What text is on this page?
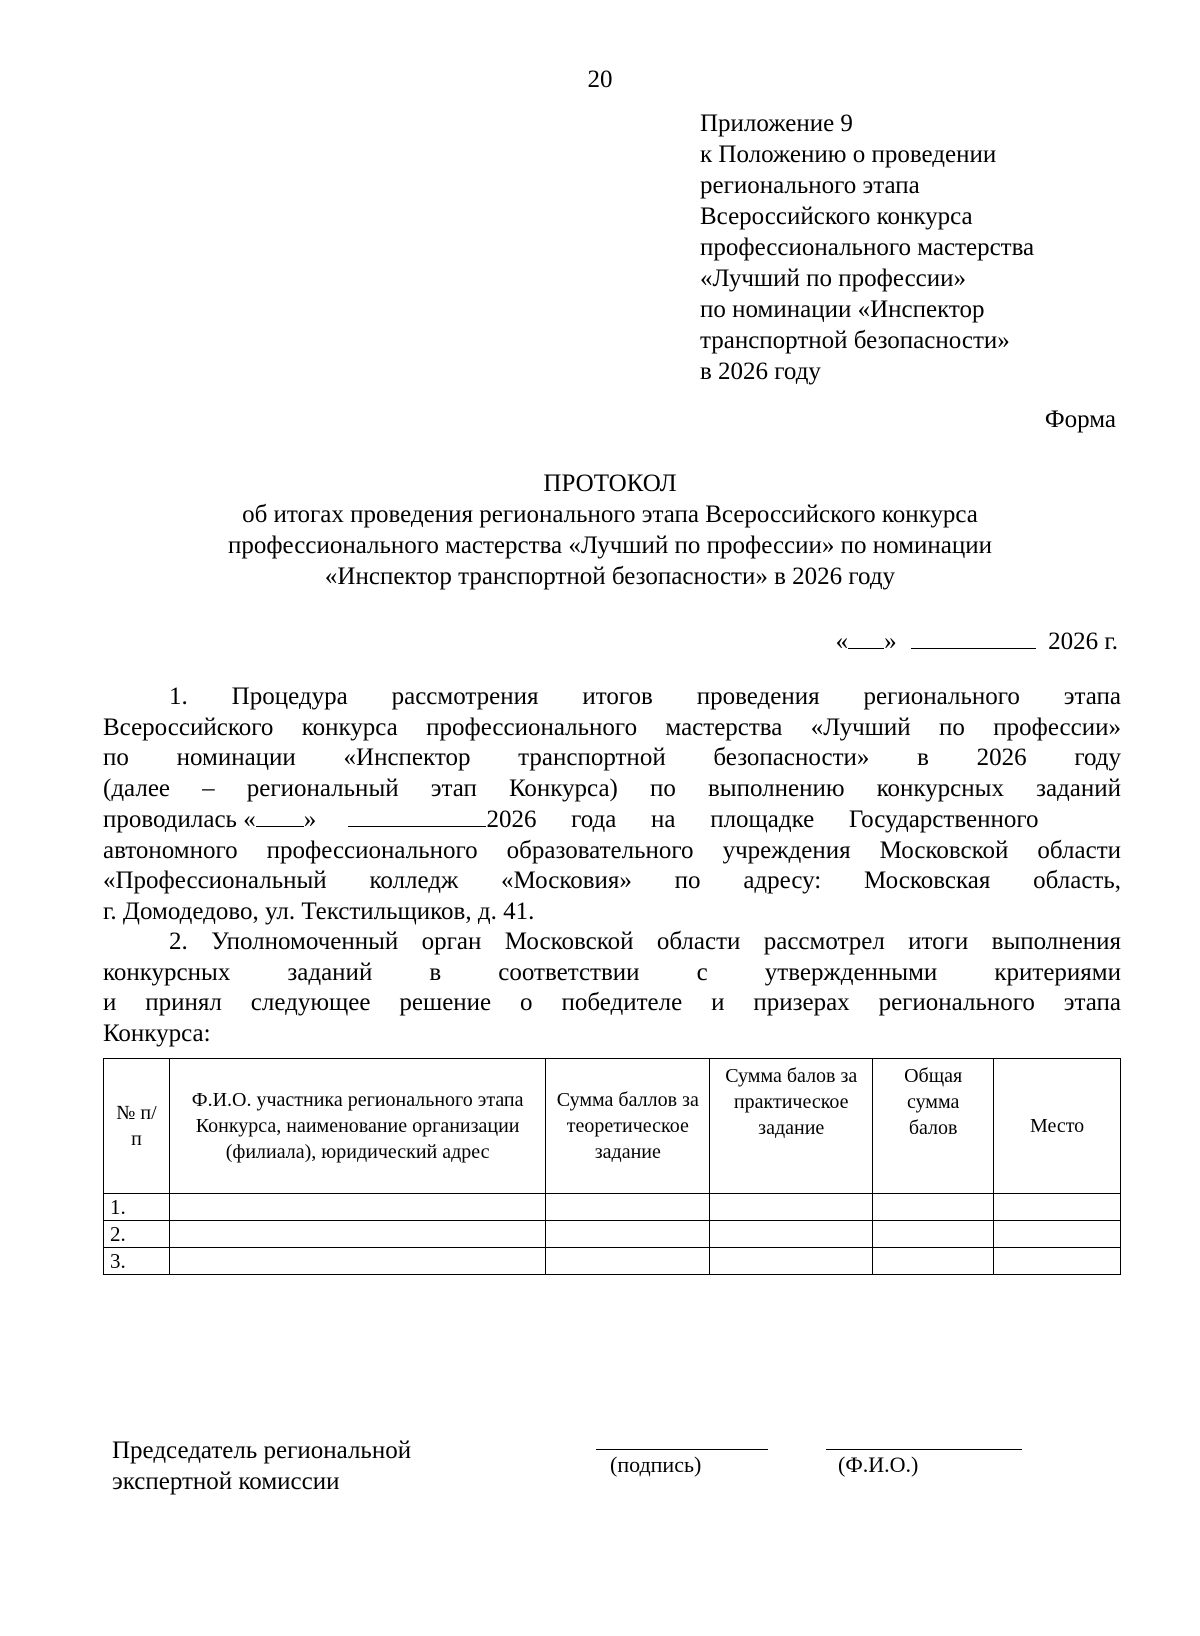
20
Приложение 9
к Положению о проведении
регионального этапа
Всероссийского конкурса
профессионального мастерства
«Лучший по профессии»
по номинации «Инспектор
транспортной безопасности»
в 2026 году
Форма
ПРОТОКОЛ
об итогах проведения регионального этапа Всероссийского конкурса
профессионального мастерства «Лучший по профессии» по номинации
«Инспектор транспортной безопасности» в 2026 году
« »	2026 г.
1. Процедура рассмотрения итогов проведения регионального этапа
Всероссийского конкурса профессионального мастерства «Лучший по профессии»
по номинации «Инспектор транспортной безопасности» в 2026 году
(далее – региональный этап Конкурса) по выполнению конкурсных заданий
проводилась « »	2026 года на площадке Государственного
автономного профессионального образовательного учреждения Московской области
«Профессиональный колледж «Московия» по адресу: Московская область,
г. Домодедово, ул. Текстильщиков, д. 41.
2. Уполномоченный орган Московской области рассмотрел итоги выполнения
конкурсных заданий в соответствии с утвержденными критериями
и принял следующее решение о победителе и призерах регионального этапа
Конкурса:
№ п/п	Ф.И.О. участника регионального этапа Конкурса, наименование организации (филиала), юридический адрес	Сумма баллов за теоретическое задание	Сумма балов за практическое задание	Общая сумма балов	Место
1.					
2.					
3.					
Председатель региональной
экспертной комиссии
(подпись)	(Ф.И.О.)
